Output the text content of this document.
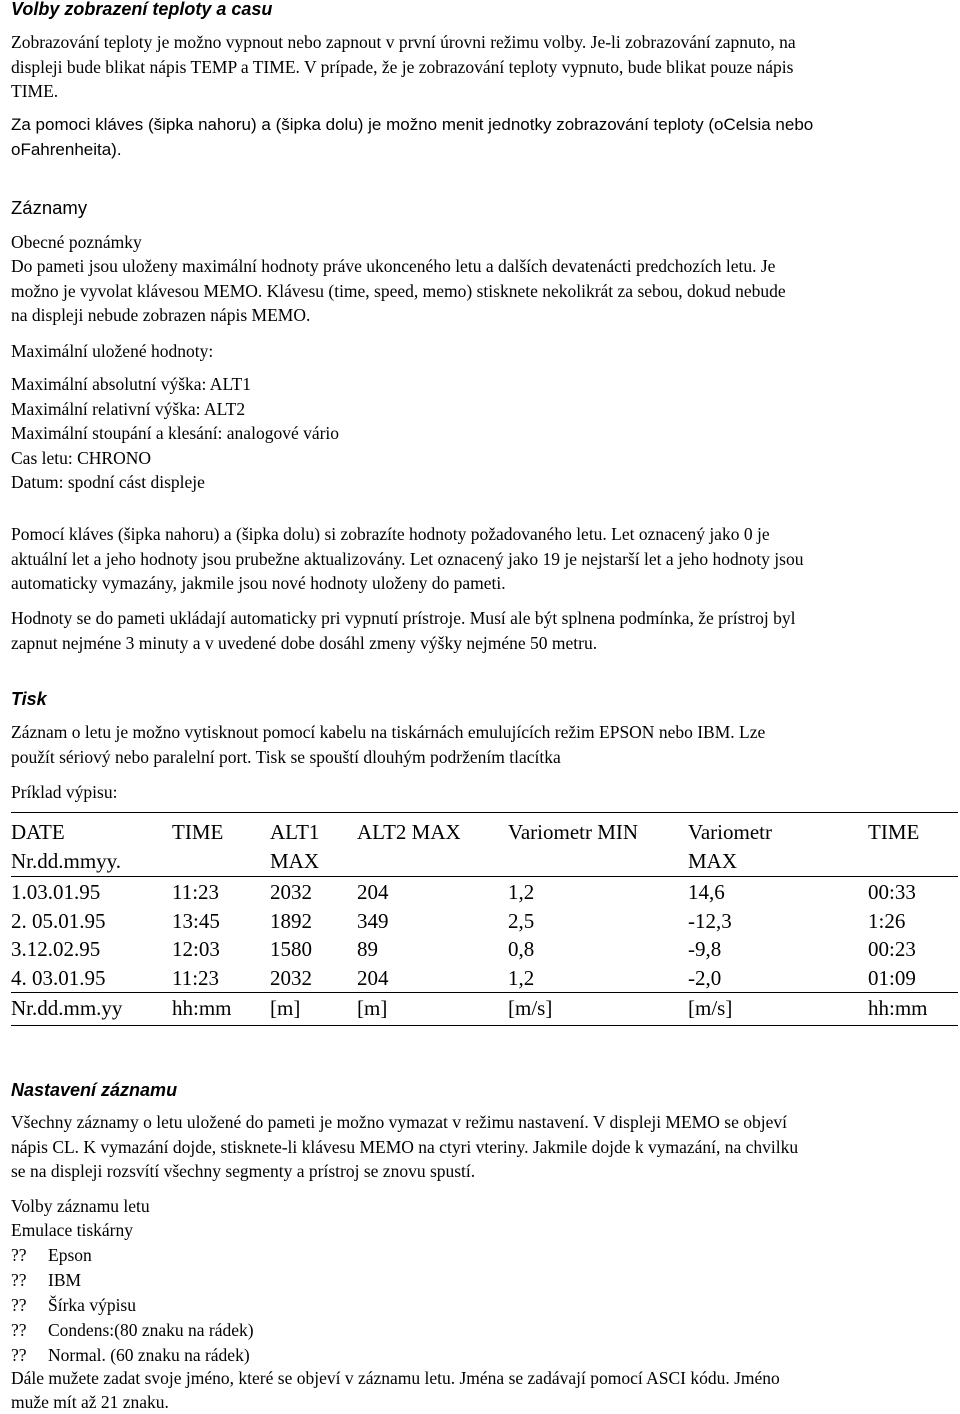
Volby zobrazení teploty a casu

Zobrazování teploty je možno vypnout nebo zapnout v první úrovni režimu volby. Je-li zobrazování zapnuto, na
displeji bude blikat nápis TEMP a TIME. V prípade, že je zobrazování teploty vypnuto, bude blikat pouze nápis
TIME.

Za pomoci kláves (šipka nahoru) a (šipka dolu) je možno menit jednotky zobrazování teploty (oCelsia nebo
oFahrenheita).

Záznamy

Obecné poznámky

Do pameti jsou uloženy maximální hodnoty práve ukonceného letu a dalších devatenácti predchozích letu. Je
možno je vyvolat klávesou MEMO. Klávesu (time, speed, memo) stisknete nekolikrát za sebou, dokud nebude
na displeji nebude zobrazen nápis MEMO.

Maximální uložené hodnoty:

Maximální absolutní výška: ALT1
Maximální relativní výška: ALT2
Maximální stoupání a klesání: analogové vário
Cas letu: CHRONO
Datum: spodní cást displeje

Pomocí kláves (šipka nahoru) a (šipka dolu) si zobrazíte hodnoty požadovaného letu. Let oznacený jako 0 je
aktuální let a jeho hodnoty jsou prubežne aktualizovány. Let oznacený jako 19 je nejstarší let a jeho hodnoty jsou
automaticky vymazány, jakmile jsou nové hodnoty uloženy do pameti.

Hodnoty se do pameti ukládají automaticky pri vypnutí prístroje. Musí ale být splnena podmínka, že prístroj byl
zapnut nejméne 3 minuty a v uvedené dobe dosáhl zmeny výšky nejméne 50 metru.

Tisk

Záznam o letu je možno vytisknout pomocí kabelu na tiskárnách emulujících režim EPSON nebo IBM. Lze
použít sériový nebo paralelní port. Tisk se spouští dlouhým podržením tlacítka

Príklad výpisu:

DATE	TIME	ALT1	ALT2 MAX	Variometr MIN	Variometr	TIME
Nr.dd.mmyy.		MAX			MAX	
1.03.01.95	11:23	2032	204	1,2	14,6	00:33
2. 05.01.95	13:45	1892	349	2,5	-12,3	1:26
3.12.02.95	12:03	1580	89	0,8	-9,8	00:23
4. 03.01.95	11:23	2032	204	1,2	-2,0	01:09
Nr.dd.mm.yy	hh:mm	[m]	[m]	[m/s]	[m/s]	hh:mm
Nastavení záznamu

Všechny záznamy o letu uložené do pameti je možno vymazat v režimu nastavení. V displeji MEMO se objeví
nápis CL. K vymazání dojde, stisknete-li klávesu MEMO na ctyri vteriny. Jakmile dojde k vymazání, na chvilku
se na displeji rozsvítí všechny segmenty a prístroj se znovu spustí.

Volby záznamu letu

Emulace tiskárny

?? Epson
?? IBM
?? Šírka výpisu
?? Condens:(80 znaku na rádek)
?? Normal. (60 znaku na rádek)

Dále mužete zadat svoje jméno, které se objeví v záznamu letu. Jména se zadávají pomocí ASCI kódu. Jméno
muže mít až 21 znaku.
